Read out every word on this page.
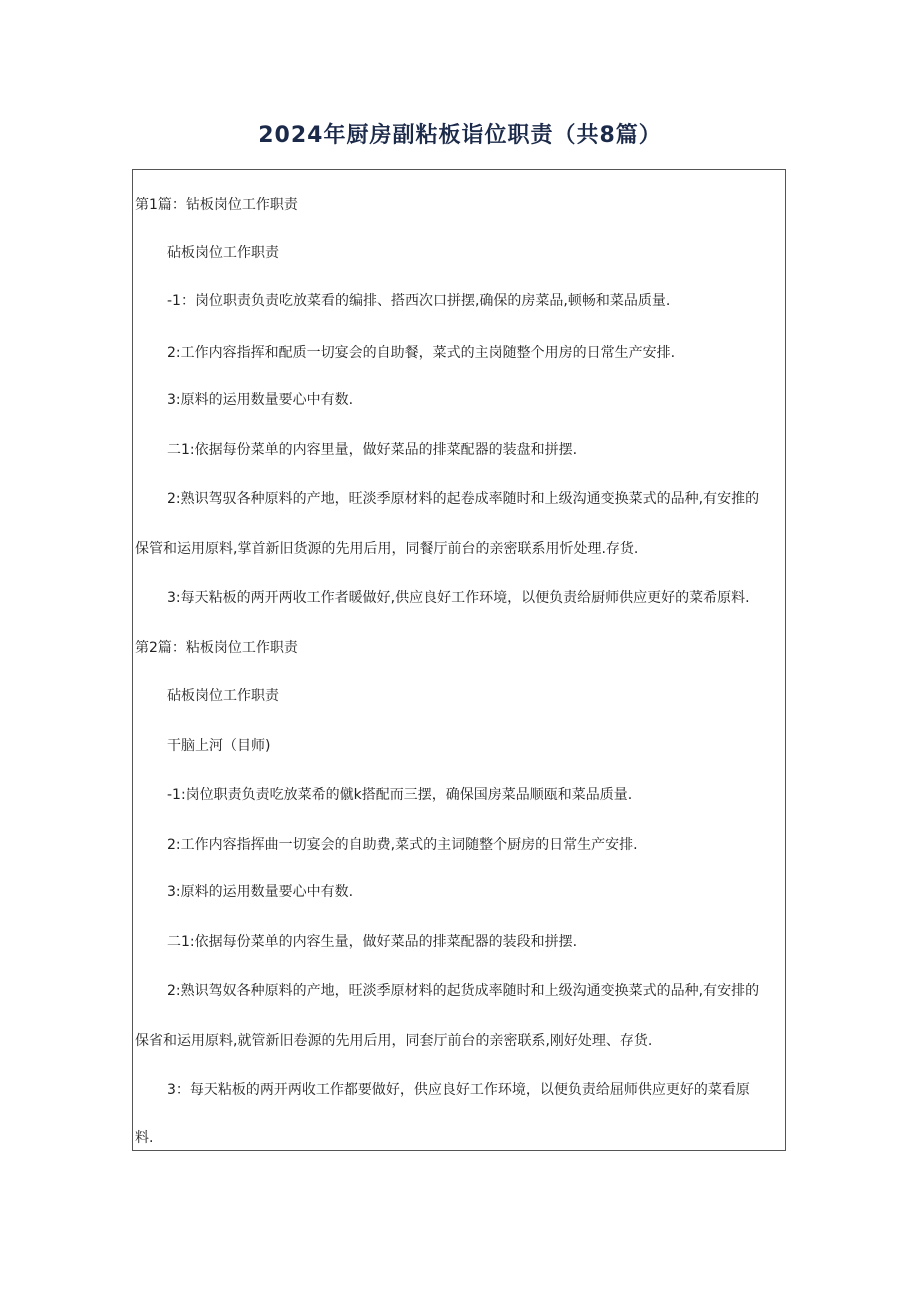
2024年厨房副粘板诣位职责（共8篇）
第1篇：钻板岗位工作职责
砧板岗位工作职责
-1：岗位职责负责吃放菜看的编排、搭西次口拼摆,确保的房菜品,顿畅和菜品质量.
2:工作内容指挥和配质一切宴会的自助餐，菜式的主岗随整个用房的日常生产安排.
3:原料的运用数量要心中有数.
二1:依据每份菜单的内容里量，做好菜品的排菜配器的装盘和拼摆.
2:熟识驾驭各种原料的产地，旺淡季原材料的起卷成率随时和上级沟通变换菜式的品种,有安推的
保管和运用原料,掌首新旧货源的先用后用，同餐厅前台的亲密联系用忻处理.存货.
3:每天粘板的两开两收工作者暖做好,供应良好工作环境，以便负责给厨师供应更好的菜希原料.
第2篇：粘板岗位工作职责
砧板岗位工作职责
干脑上河（目师)
-1:岗位职责负责吃放菜希的僦k搭配而三摆，确保国房菜品顺瓯和菜品质量.
2:工作内容指挥曲一切宴会的自助费,菜式的主词随整个厨房的日常生产安排.
3:原料的运用数量要心中有数.
二1:依据每份菜单的内容生量，做好菜品的排菜配器的装段和拼摆.
2:熟识驾奴各种原料的产地，旺淡季原材料的起货成率随时和上级沟通变换菜式的品种,有安排的
保省和运用原料,就管新旧卷源的先用后用，同套厅前台的亲密联系,刚好处理、存货.
3：每天粘板的两开两收工作都要做好，供应良好工作环境，以便负责给屈师供应更好的菜看原
料.
